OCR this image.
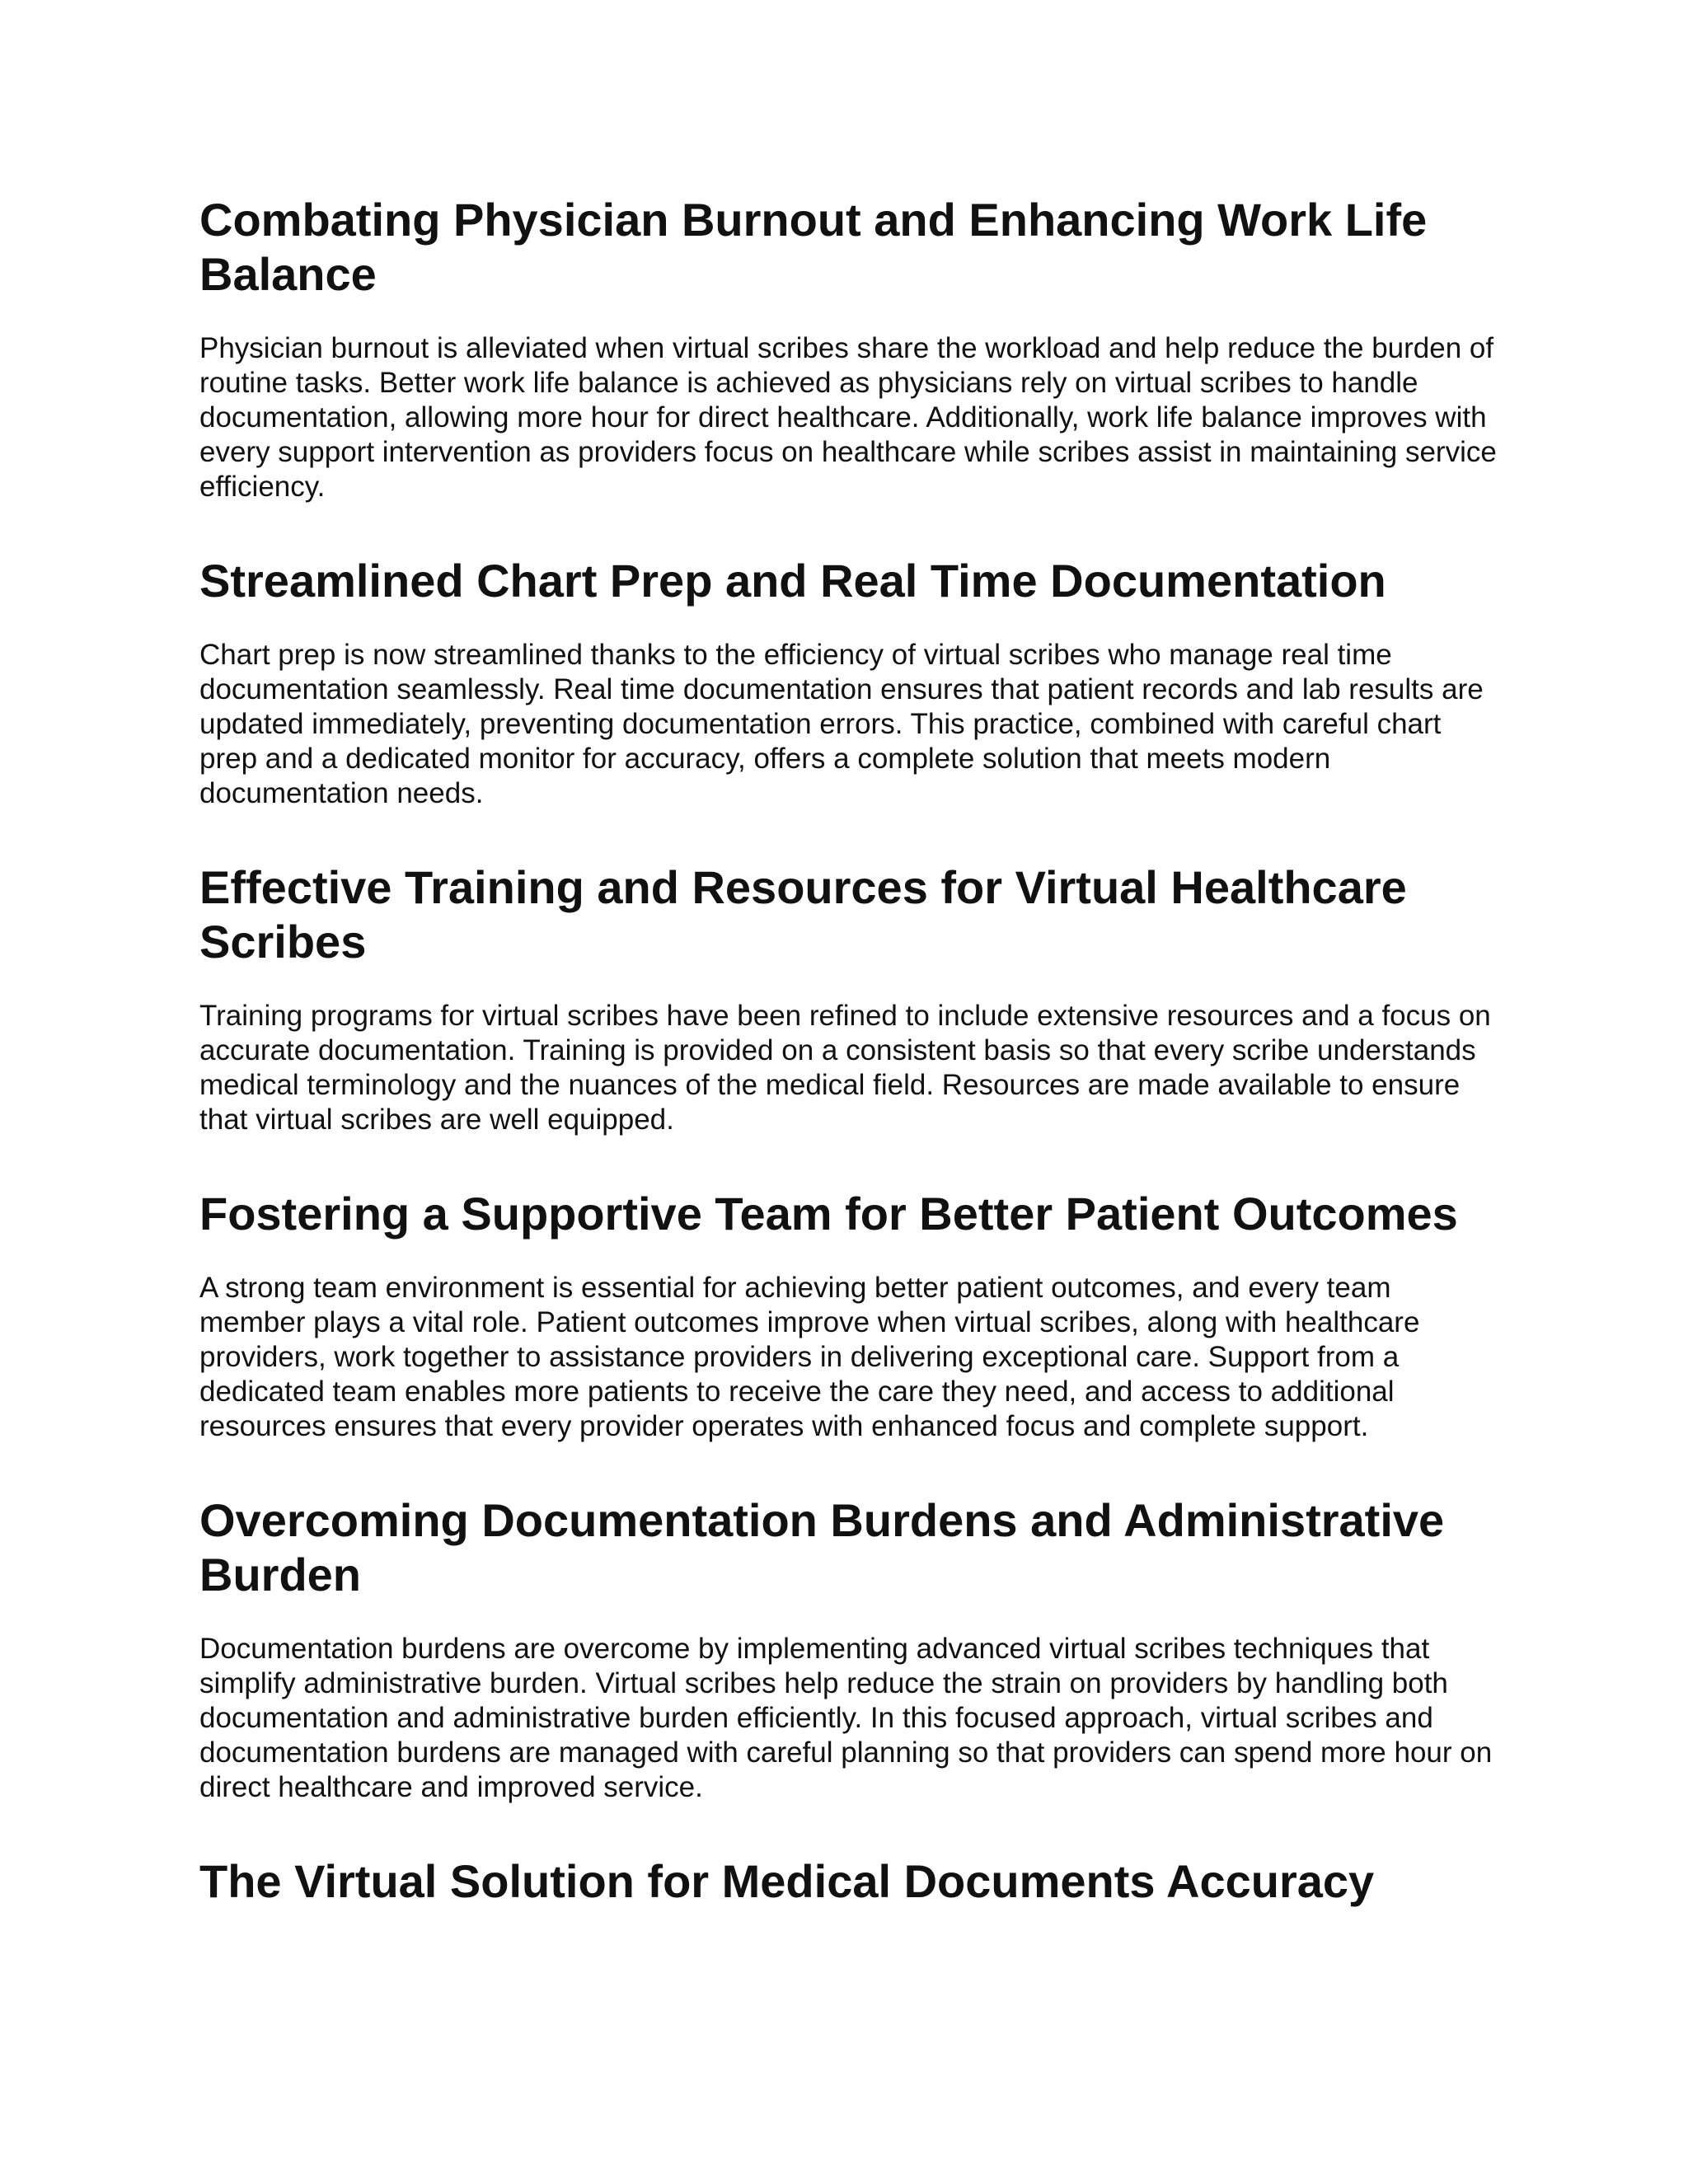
Combating Physician Burnout and Enhancing Work Life Balance

Physician burnout is alleviated when virtual scribes share the workload and help reduce the burden of routine tasks. Better work life balance is achieved as physicians rely on virtual scribes to handle documentation, allowing more hour for direct healthcare. Additionally, work life balance improves with every support intervention as providers focus on healthcare while scribes assist in maintaining service efficiency.

Streamlined Chart Prep and Real Time Documentation

Chart prep is now streamlined thanks to the efficiency of virtual scribes who manage real time documentation seamlessly. Real time documentation ensures that patient records and lab results are updated immediately, preventing documentation errors. This practice, combined with careful chart prep and a dedicated monitor for accuracy, offers a complete solution that meets modern documentation needs.

Effective Training and Resources for Virtual Healthcare Scribes

Training programs for virtual scribes have been refined to include extensive resources and a focus on accurate documentation. Training is provided on a consistent basis so that every scribe understands medical terminology and the nuances of the medical field. Resources are made available to ensure that virtual scribes are well equipped.

Fostering a Supportive Team for Better Patient Outcomes

A strong team environment is essential for achieving better patient outcomes, and every team member plays a vital role. Patient outcomes improve when virtual scribes, along with healthcare providers, work together to assistance providers in delivering exceptional care. Support from a dedicated team enables more patients to receive the care they need, and access to additional resources ensures that every provider operates with enhanced focus and complete support.

Overcoming Documentation Burdens and Administrative Burden

Documentation burdens are overcome by implementing advanced virtual scribes techniques that simplify administrative burden. Virtual scribes help reduce the strain on providers by handling both documentation and administrative burden efficiently. In this focused approach, virtual scribes and documentation burdens are managed with careful planning so that providers can spend more hour on direct healthcare and improved service.

The Virtual Solution for Medical Documents Accuracy
